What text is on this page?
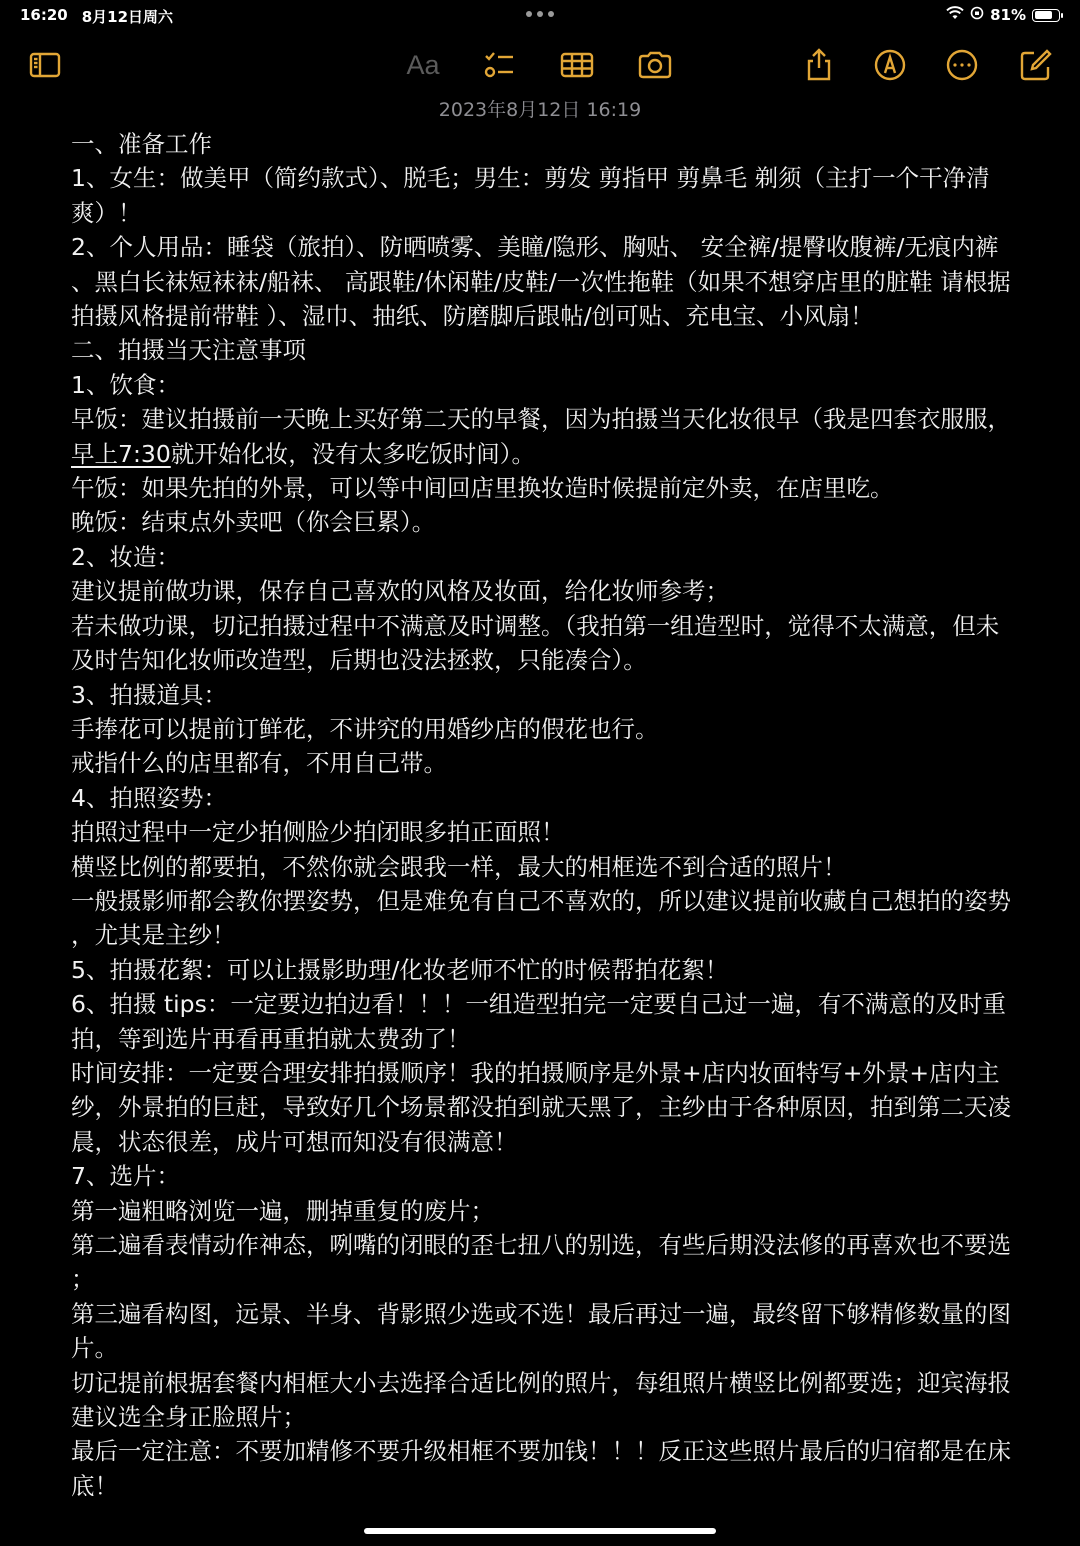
16:20 8月12日周六	81%
Aa
2023年8月12日 16:19

一、准备工作

1、女生：做美甲（简约款式）、脱毛；男生：剪发 剪指甲 剪鼻毛 剃须（主打一个干净清爽）！

2、个人用品：睡袋（旅拍）、防晒喷雾、美瞳/隐形、胸贴、 安全裤/提臀收腹裤/无痕内裤、黑白长袜短袜袜/船袜、 高跟鞋/休闲鞋/皮鞋/一次性拖鞋（如果不想穿店里的脏鞋 请根据拍摄风格提前带鞋 ）、湿巾、抽纸、防磨脚后跟帖/创可贴、充电宝、小风扇！

二、拍摄当天注意事项

1、饮食：

早饭：建议拍摄前一天晚上买好第二天的早餐，因为拍摄当天化妆很早（我是四套衣服服，早上7:30就开始化妆，没有太多吃饭时间）。

午饭：如果先拍的外景，可以等中间回店里换妆造时候提前定外卖，在店里吃。

晚饭：结束点外卖吧（你会巨累）。

2、妆造：

建议提前做功课，保存自己喜欢的风格及妆面，给化妆师参考；

若未做功课，切记拍摄过程中不满意及时调整。（我拍第一组造型时，觉得不太满意，但未及时告知化妆师改造型，后期也没法拯救，只能凑合）。

3、拍摄道具：

手捧花可以提前订鲜花，不讲究的用婚纱店的假花也行。

戒指什么的店里都有，不用自己带。

4、拍照姿势：

拍照过程中一定少拍侧脸少拍闭眼多拍正面照！

横竖比例的都要拍，不然你就会跟我一样，最大的相框选不到合适的照片！

一般摄影师都会教你摆姿势，但是难免有自己不喜欢的，所以建议提前收藏自己想拍的姿势，尤其是主纱！

5、拍摄花絮：可以让摄影助理/化妆老师不忙的时候帮拍花絮！

6、拍摄 tips：一定要边拍边看！！！一组造型拍完一定要自己过一遍，有不满意的及时重拍，等到选片再看再重拍就太费劲了！

时间安排：一定要合理安排拍摄顺序！我的拍摄顺序是外景+店内妆面特写+外景+店内主纱，外景拍的巨赶，导致好几个场景都没拍到就天黑了，主纱由于各种原因，拍到第二天凌晨，状态很差，成片可想而知没有很满意！

7、选片：

第一遍粗略浏览一遍，删掉重复的废片；

第二遍看表情动作神态，咧嘴的闭眼的歪七扭八的别选，有些后期没法修的再喜欢也不要选；

第三遍看构图，远景、半身、背影照少选或不选！最后再过一遍，最终留下够精修数量的图片。

切记提前根据套餐内相框大小去选择合适比例的照片，每组照片横竖比例都要选；迎宾海报建议选全身正脸照片；

最后一定注意：不要加精修不要升级相框不要加钱！！！反正这些照片最后的归宿都是在床底！
